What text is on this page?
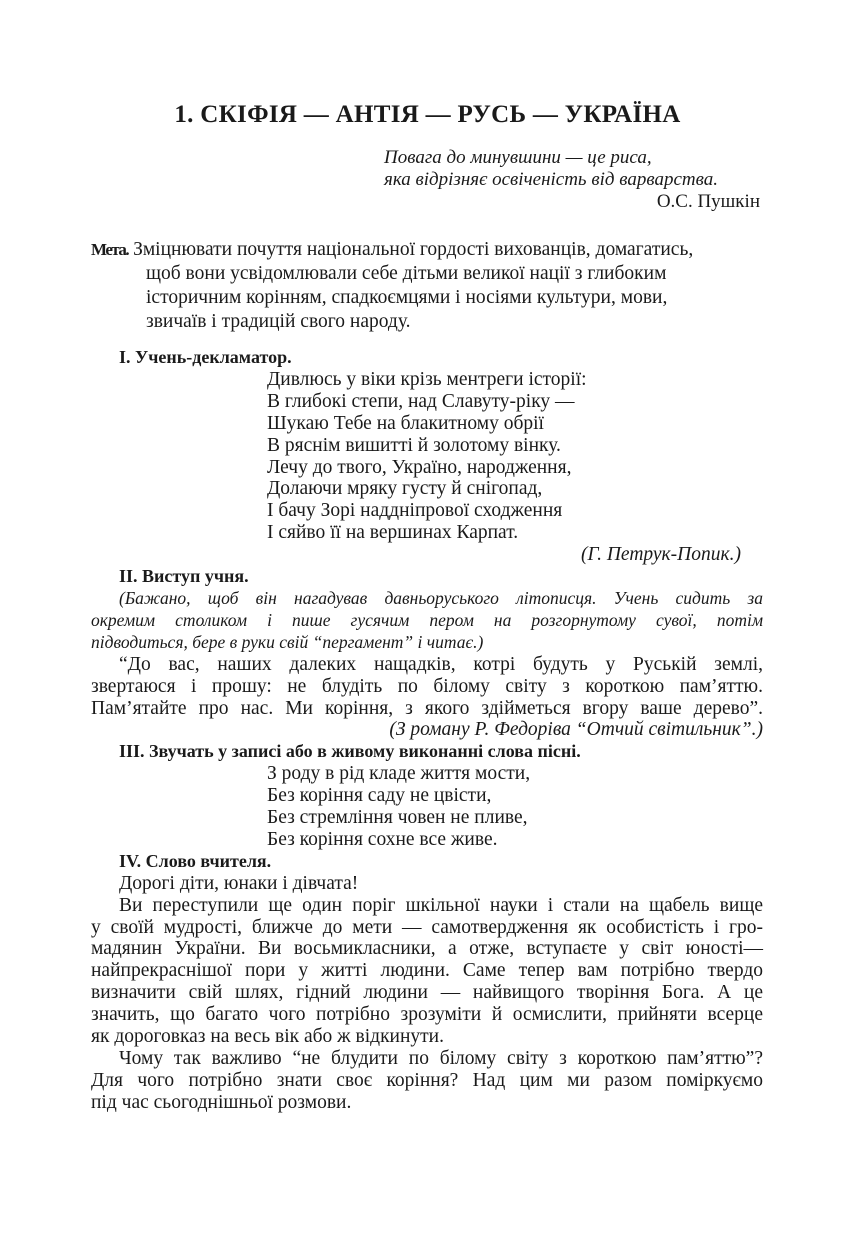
1. СКІФІЯ — АНТІЯ — РУСЬ — УКРАЇНА
Повага до минувшини — це риса,
яка відрізняє освіченість від варварства.
О.С. Пушкін
Мета. Зміцнювати почуття національної гордості вихованців, домагатись,
щоб вони усвідомлювали себе дітьми великої нації з глибоким
історичним корінням, спадкоємцями і носіями культури, мови,
звичаїв і традицій свого народу.
I. Учень-декламатор.
Дивлюсь у віки крізь ментреги історії:
В глибокі степи, над Славуту-ріку —
Шукаю Тебе на блакитному обрії
В ряснім вишитті й золотому вінку.
Лечу до твого, Україно, народження,
Долаючи мряку густу й снігопад,
І бачу Зорі наддніпрової сходження
І сяйво її на вершинах Карпат.
(Г. Петрук-Попик.)
II. Виступ учня.
(Бажано, щоб він нагадував давньоруського літописця. Учень сидить за
окремим столиком і пише гусячим пером на розгорнутому сувої, потім
підводиться, бере в руки свій “пергамент” і читає.)
“До вас, наших далеких нащадків, котрі будуть у Руській землі,
звертаюся і прошу: не блудіть по білому світу з короткою пам’яттю.
Пам’ятайте про нас. Ми коріння, з якого здійметься вгору ваше дерево”.
(З роману Р. Федоріва “Отчий світильник”.)
III. Звучать у записі або в живому виконанні слова пісні.
З роду в рід кладе життя мости,
Без коріння саду не цвісти,
Без стремління човен не пливе,
Без коріння сохне все живе.
IV. Слово вчителя.
Дорогі діти, юнаки і дівчата!
Ви переступили ще один поріг шкільної науки і стали на щабель вище
у своїй мудрості, ближче до мети — самотвердження як особистість і гро-
мадянин України. Ви восьмикласники, а отже, вступаєте у світ юності—
найпрекраснішої пори у житті людини. Саме тепер вам потрібно твердо
визначити свій шлях, гідний людини — найвищого творіння Бога. А це
значить, що багато чого потрібно зрозуміти й осмислити, прийняти всерце
як дороговказ на весь вік або ж відкинути.
Чому так важливо “не блудити по білому світу з короткою пам’яттю”?
Для чого потрібно знати своє коріння? Над цим ми разом поміркуємо
під час сьогоднішньої розмови.
